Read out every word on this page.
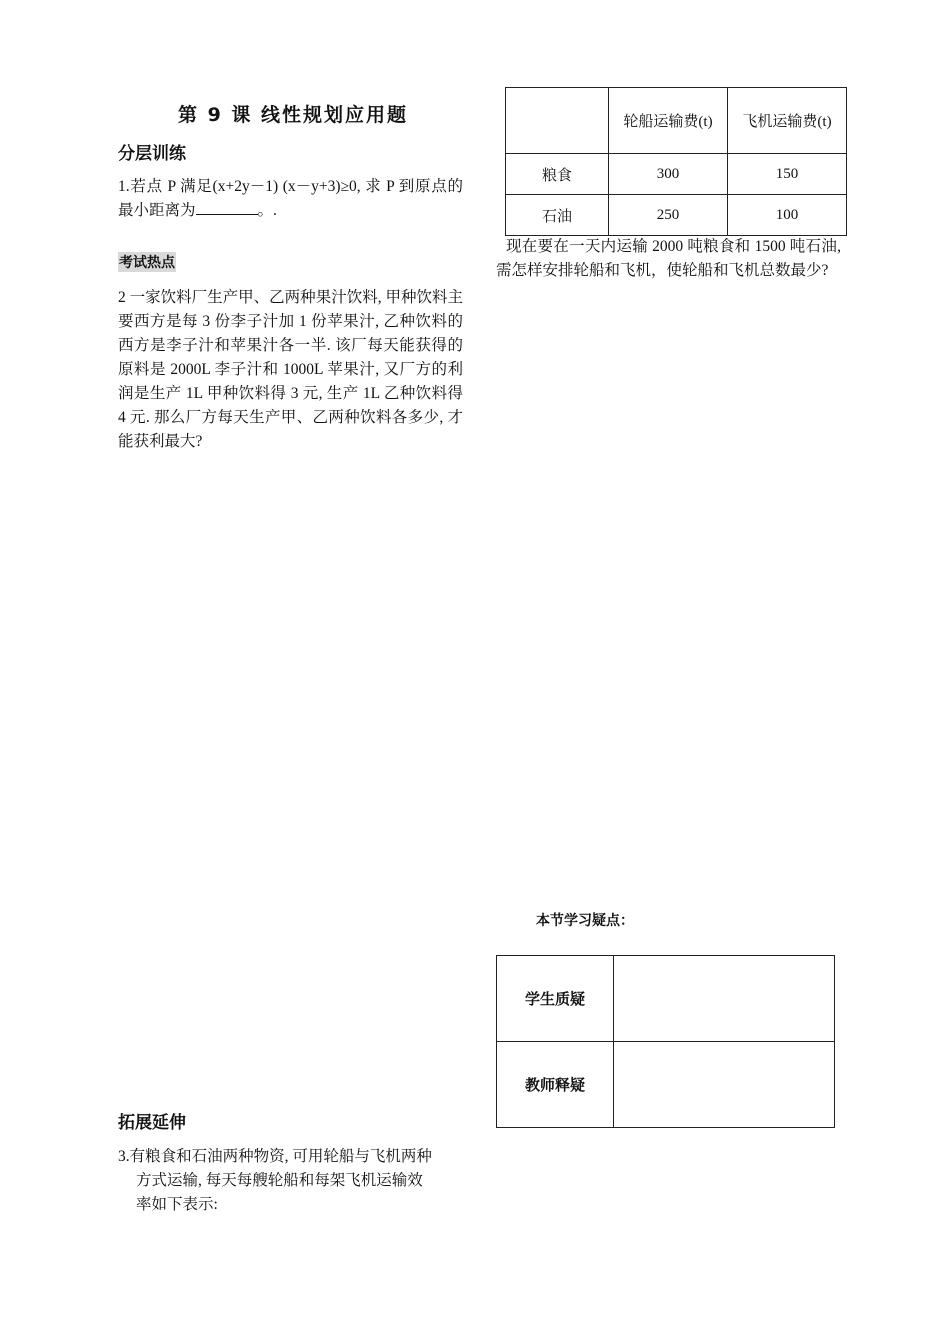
第 9 课 线性规划应用题
分层训练
1.若点 P 满足(x+2y－1) (x－y+3)≥0, 求 P 到原点的最小距离为	。.
考试热点
2 一家饮料厂生产甲、乙两种果汁饮料, 甲种饮料主要西方是每 3 份李子汁加 1 份苹果汁, 乙种饮料的西方是李子汁和苹果汁各一半. 该厂每天能获得的原料是 2000L 李子汁和 1000L 苹果汁, 又厂方的利润是生产 1L 甲种饮料得 3 元, 生产 1L 乙种饮料得 4 元. 那么厂方每天生产甲、乙两种饮料各多少, 才能获利最大?
拓展延伸
3.有粮食和石油两种物资, 可用轮船与飞机两种
方式运输, 每天每艘轮船和每架飞机运输效
率如下表示:
	轮船运输费(t)	飞机运输费(t)
粮食	300	150
石油	250	100
现在要在一天内运输 2000 吨粮食和 1500 吨石油, 需怎样安排轮船和飞机，使轮船和飞机总数最少?
本节学习疑点：
学生质疑	
教师释疑	
